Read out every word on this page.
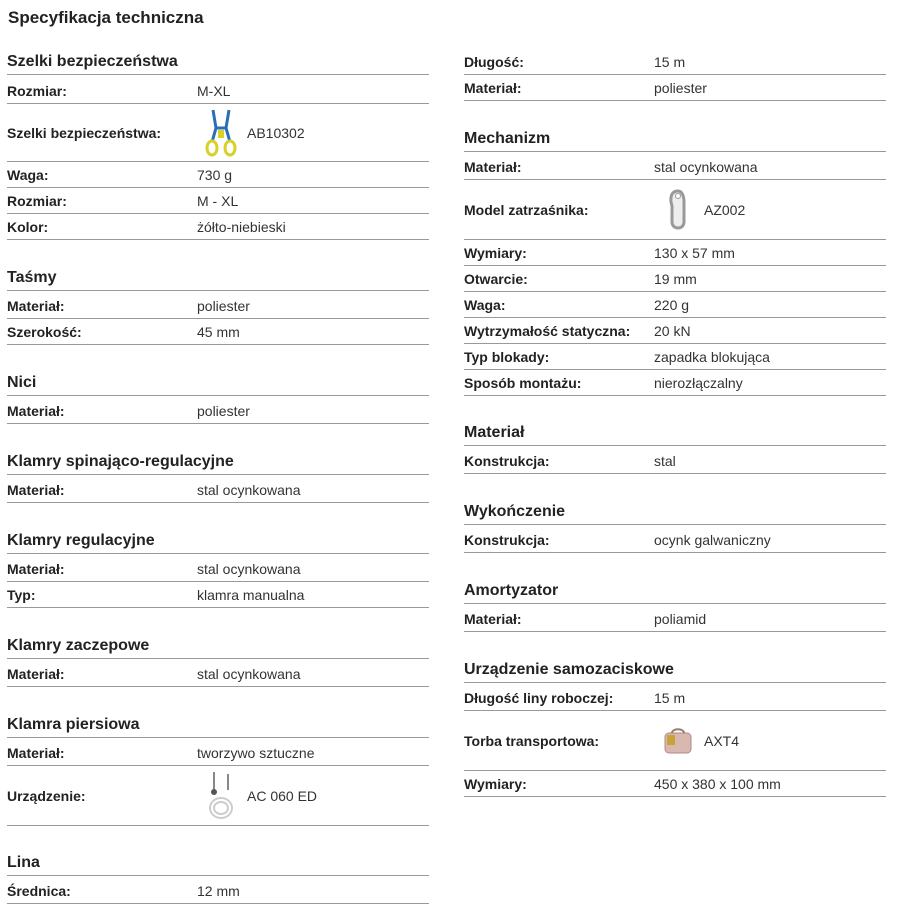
Specyfikacja techniczna
Szelki bezpieczeństwa
Rozmiar:	M-XL
Szelki bezpieczeństwa:	AB10302
Waga:	730 g
Rozmiar:	M - XL
Kolor:	żółto-niebieski
Taśmy
Materiał:	poliester
Szerokość:	45 mm
Nici
Materiał:	poliester
Klamry spinająco-regulacyjne
Materiał:	stal ocynkowana
Klamry regulacyjne
Materiał:	stal ocynkowana
Typ:	klamra manualna
Klamry zaczepowe
Materiał:	stal ocynkowana
Klamra piersiowa
Materiał:	tworzywo sztuczne
Urządzenie:	AC 060 ED
Lina
Średnica:	12 mm
Długość:	15 m
Materiał:	poliester
Mechanizm
Materiał:	stal ocynkowana
Model zatrzaśnika:	AZ002
Wymiary:	130 x 57 mm
Otwarcie:	19 mm
Waga:	220 g
Wytrzymałość statyczna: 20 kN
Typ blokady:	zapadka blokująca
Sposób montażu:	nierozłączalny
Materiał
Konstrukcja:	stal
Wykończenie
Konstrukcja:	ocynk galwaniczny
Amortyzator
Materiał:	poliamid
Urządzenie samozaciskowe
Długość liny roboczej:	15 m
Torba transportowa:	AXT4
Wymiary:	450 x 380 x 100 mm
